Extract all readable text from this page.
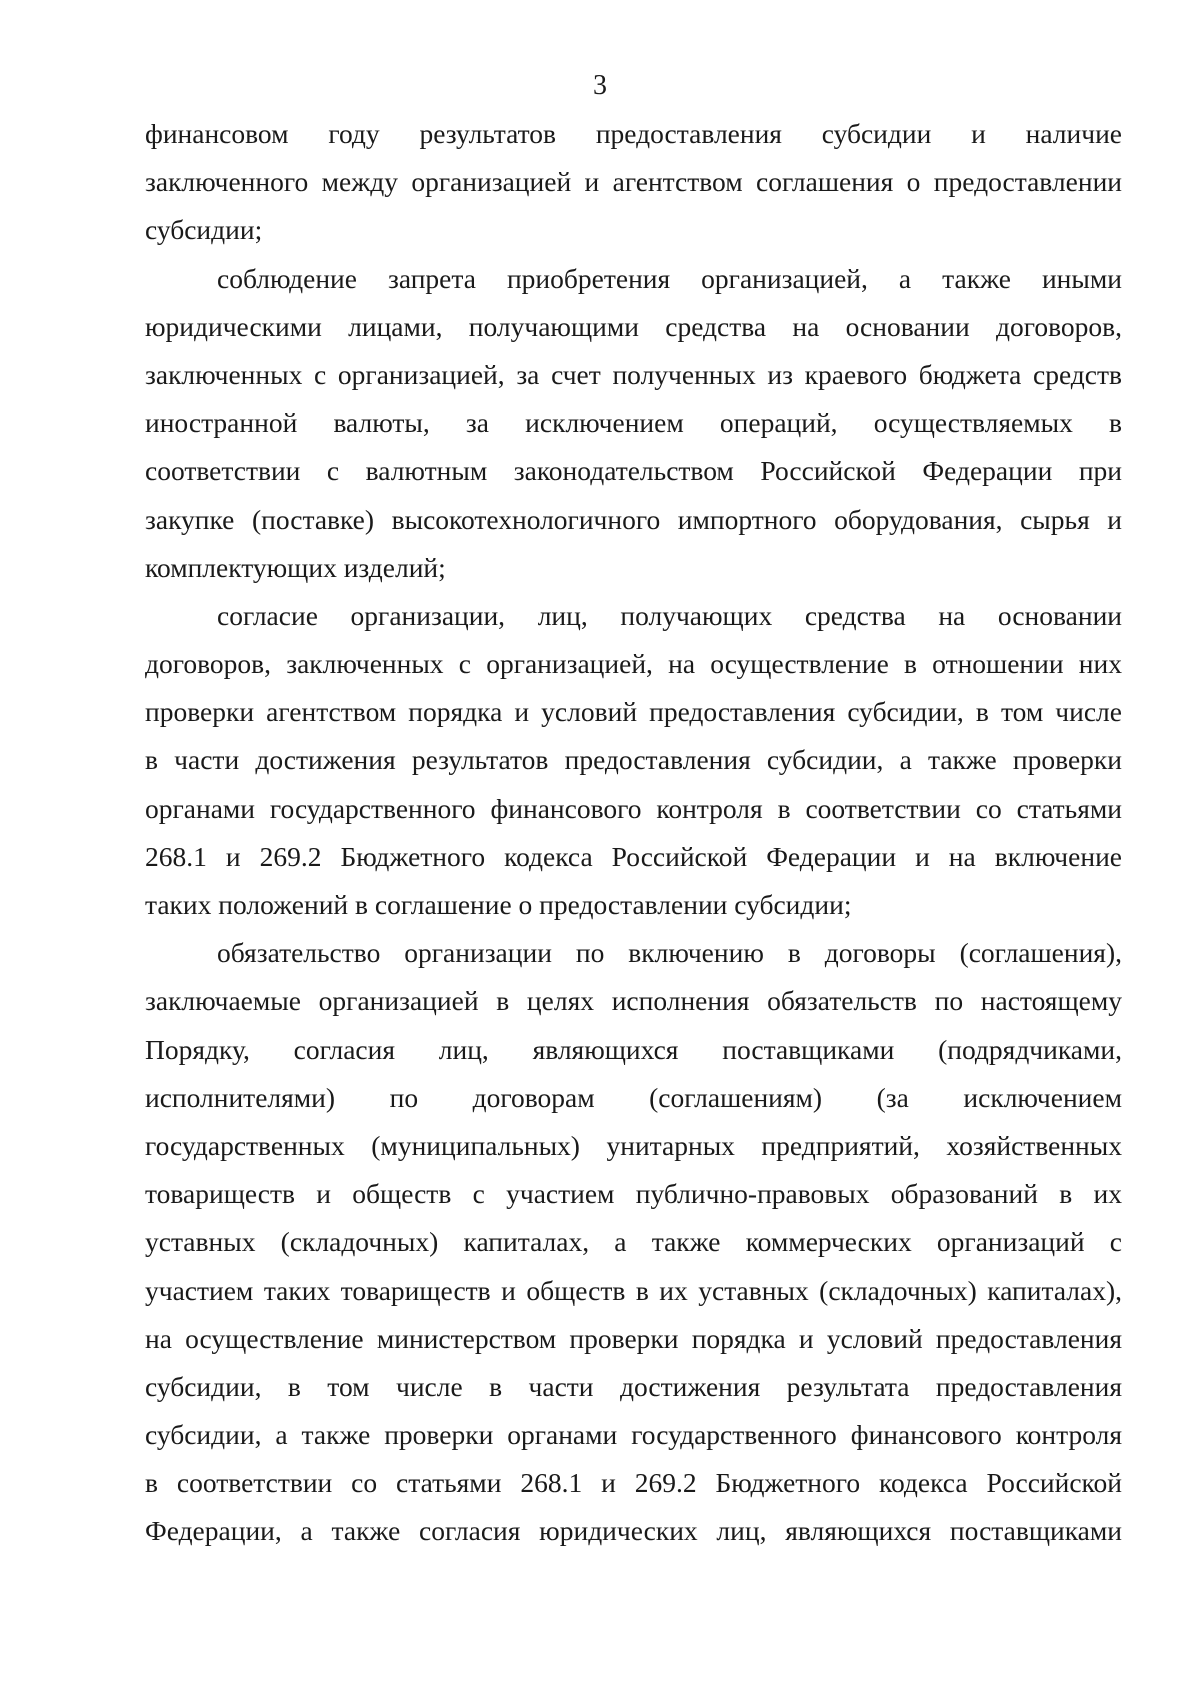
3
финансовом году результатов предоставления субсидии и наличие
заключенного между организацией и агентством соглашения о предоставлении
субсидии;
соблюдение запрета приобретения организацией, а также иными
юридическими лицами, получающими средства на основании договоров,
заключенных с организацией, за счет полученных из краевого бюджета средств
иностранной валюты, за исключением операций, осуществляемых в
соответствии с валютным законодательством Российской Федерации при
закупке (поставке) высокотехнологичного импортного оборудования, сырья и
комплектующих изделий;
согласие организации, лиц, получающих средства на основании
договоров, заключенных с организацией, на осуществление в отношении них
проверки агентством порядка и условий предоставления субсидии, в том числе
в части достижения результатов предоставления субсидии, а также проверки
органами государственного финансового контроля в соответствии со статьями
268.1 и 269.2 Бюджетного кодекса Российской Федерации и на включение
таких положений в соглашение о предоставлении субсидии;
обязательство организации по включению в договоры (соглашения),
заключаемые организацией в целях исполнения обязательств по настоящему
Порядку, согласия лиц, являющихся поставщиками (подрядчиками,
исполнителями) по договорам (соглашениям) (за исключением
государственных (муниципальных) унитарных предприятий, хозяйственных
товариществ и обществ с участием публично-правовых образований в их
уставных (складочных) капиталах, а также коммерческих организаций с
участием таких товариществ и обществ в их уставных (складочных) капиталах),
на осуществление министерством проверки порядка и условий предоставления
субсидии, в том числе в части достижения результата предоставления
субсидии, а также проверки органами государственного финансового контроля
в соответствии со статьями 268.1 и 269.2 Бюджетного кодекса Российской
Федерации, а также согласия юридических лиц, являющихся поставщиками
